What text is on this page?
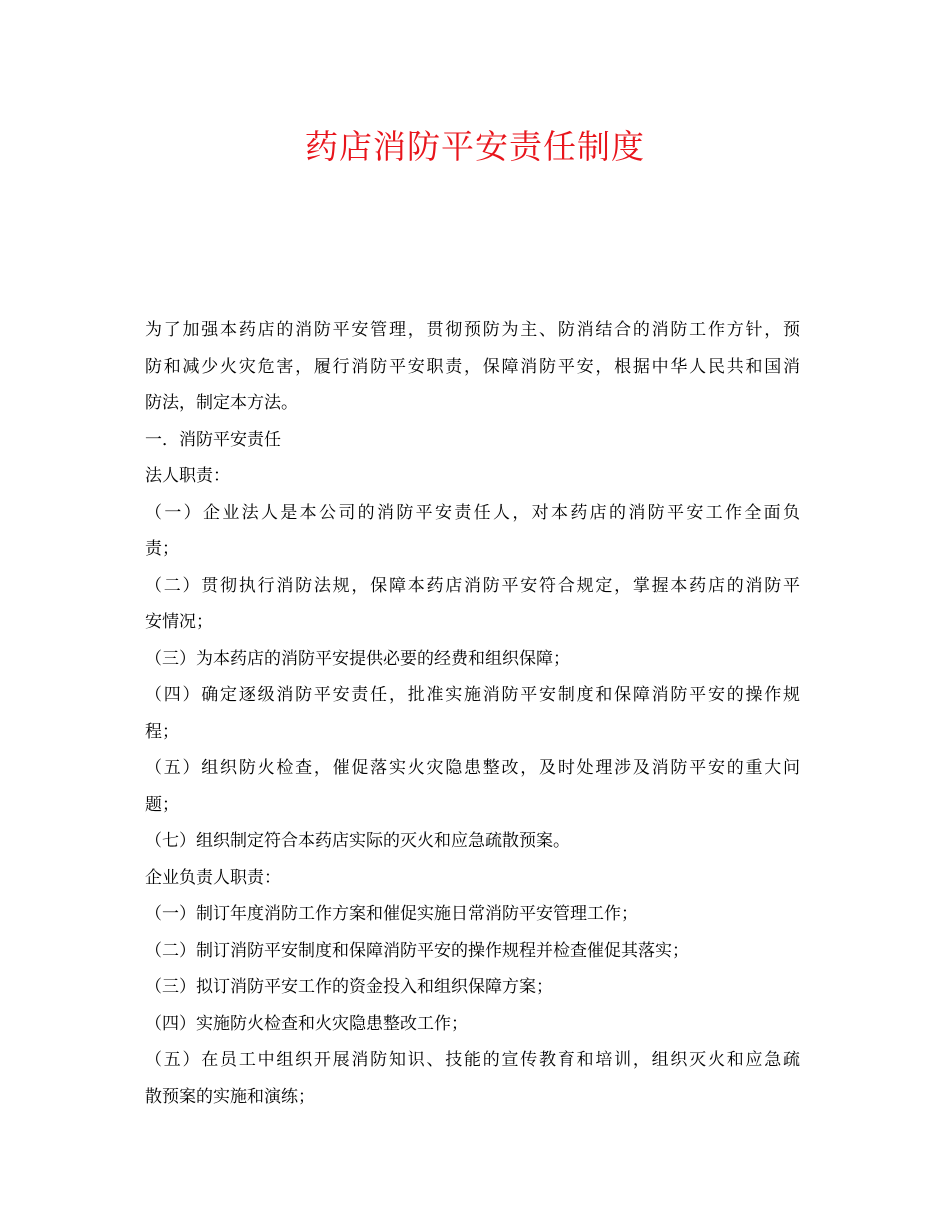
药店消防平安责任制度
为了加强本药店的消防平安管理，贯彻预防为主、防消结合的消防工作方针，预
防和减少火灾危害，履行消防平安职责，保障消防平安，根据中华人民共和国消
防法，制定本方法。
一．消防平安责任
法人职责：
（一）企业法人是本公司的消防平安责任人，对本药店的消防平安工作全面负
责；
（二）贯彻执行消防法规，保障本药店消防平安符合规定，掌握本药店的消防平
安情况；
（三）为本药店的消防平安提供必要的经费和组织保障；
（四）确定逐级消防平安责任，批准实施消防平安制度和保障消防平安的操作规
程；
（五）组织防火检查，催促落实火灾隐患整改，及时处理涉及消防平安的重大问
题；
（七）组织制定符合本药店实际的灭火和应急疏散预案。
企业负责人职责：
（一）制订年度消防工作方案和催促实施日常消防平安管理工作；
（二）制订消防平安制度和保障消防平安的操作规程并检查催促其落实；
（三）拟订消防平安工作的资金投入和组织保障方案；
（四）实施防火检查和火灾隐患整改工作；
（五）在员工中组织开展消防知识、技能的宣传教育和培训，组织灭火和应急疏
散预案的实施和演练；
